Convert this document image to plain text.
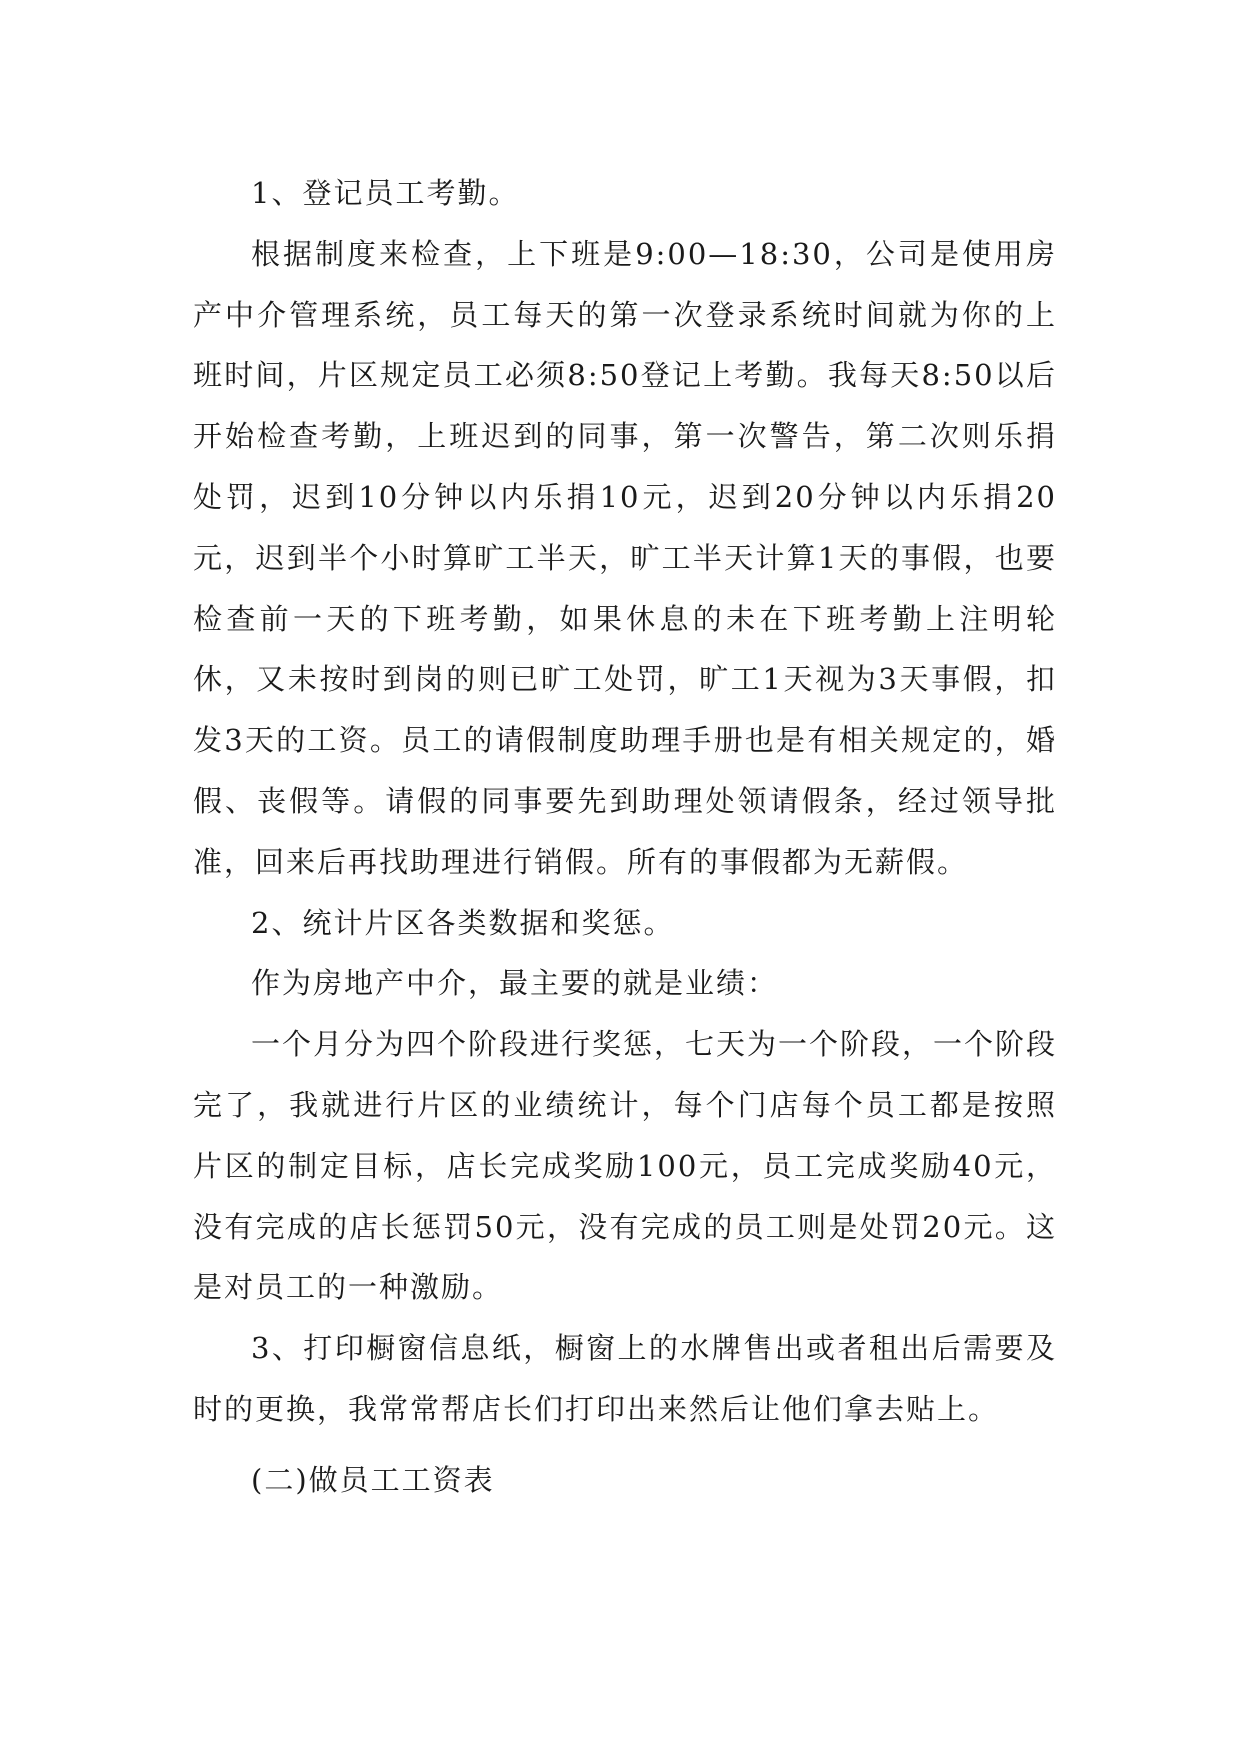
1、登记员工考勤。

根据制度来检查，上下班是9:00—18:30，公司是使用房产中介管理系统，员工每天的第一次登录系统时间就为你的上班时间，片区规定员工必须8:50登记上考勤。我每天8:50以后开始检查考勤，上班迟到的同事，第一次警告，第二次则乐捐处罚，迟到10分钟以内乐捐10元，迟到20分钟以内乐捐20元，迟到半个小时算旷工半天，旷工半天计算1天的事假，也要检查前一天的下班考勤，如果休息的未在下班考勤上注明轮休，又未按时到岗的则已旷工处罚，旷工1天视为3天事假，扣发3天的工资。员工的请假制度助理手册也是有相关规定的，婚假、丧假等。请假的同事要先到助理处领请假条，经过领导批准，回来后再找助理进行销假。所有的事假都为无薪假。

2、统计片区各类数据和奖惩。

作为房地产中介，最主要的就是业绩：

一个月分为四个阶段进行奖惩，七天为一个阶段，一个阶段完了，我就进行片区的业绩统计，每个门店每个员工都是按照片区的制定目标，店长完成奖励100元，员工完成奖励40元，没有完成的店长惩罚50元，没有完成的员工则是处罚20元。这是对员工的一种激励。

3、打印橱窗信息纸，橱窗上的水牌售出或者租出后需要及时的更换，我常常帮店长们打印出来然后让他们拿去贴上。

(二)做员工工资表
